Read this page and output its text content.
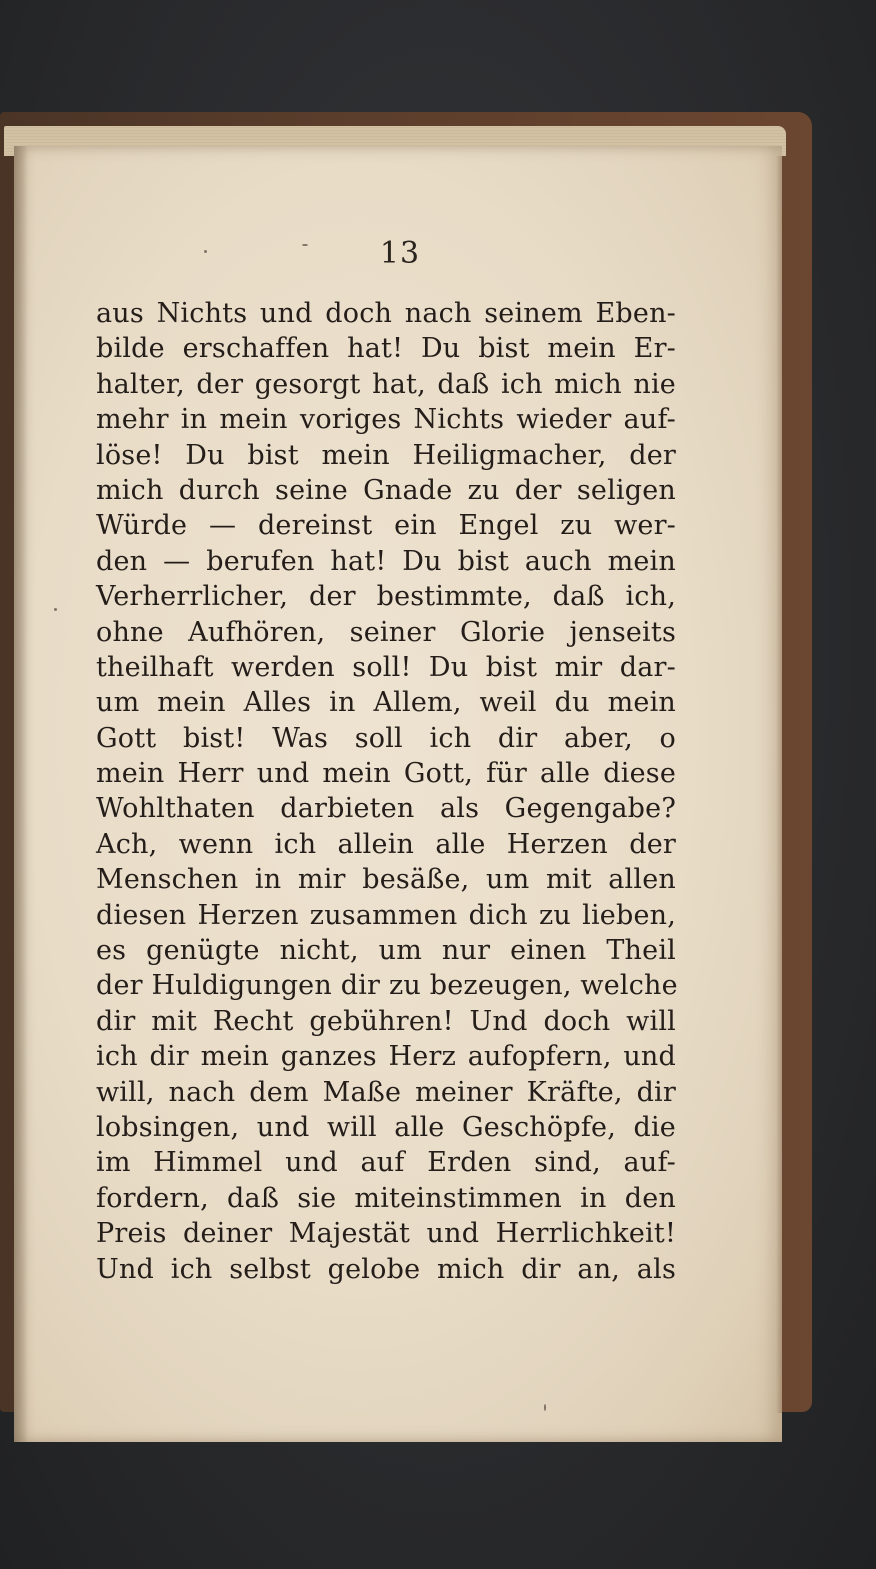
13
aus Nichts und doch nach seinem Eben-
bilde erschaffen hat! Du bist mein Er-
halter, der gesorgt hat, daß ich mich nie
mehr in mein voriges Nichts wieder auf-
löse! Du bist mein Heiligmacher, der
mich durch seine Gnade zu der seligen
Würde — dereinst ein Engel zu wer-
den — berufen hat! Du bist auch mein
Verherrlicher, der bestimmte, daß ich,
ohne Aufhören, seiner Glorie jenseits
theilhaft werden soll! Du bist mir dar-
um mein Alles in Allem, weil du mein
Gott bist! Was soll ich dir aber, o
mein Herr und mein Gott, für alle diese
Wohlthaten darbieten als Gegengabe?
Ach, wenn ich allein alle Herzen der
Menschen in mir besäße, um mit allen
diesen Herzen zusammen dich zu lieben,
es genügte nicht, um nur einen Theil
der Huldigungen dir zu bezeugen, welche
dir mit Recht gebühren! Und doch will
ich dir mein ganzes Herz aufopfern, und
will, nach dem Maße meiner Kräfte, dir
lobsingen, und will alle Geschöpfe, die
im Himmel und auf Erden sind, auf-
fordern, daß sie miteinstimmen in den
Preis deiner Majestät und Herrlichkeit!
Und ich selbst gelobe mich dir an, als
